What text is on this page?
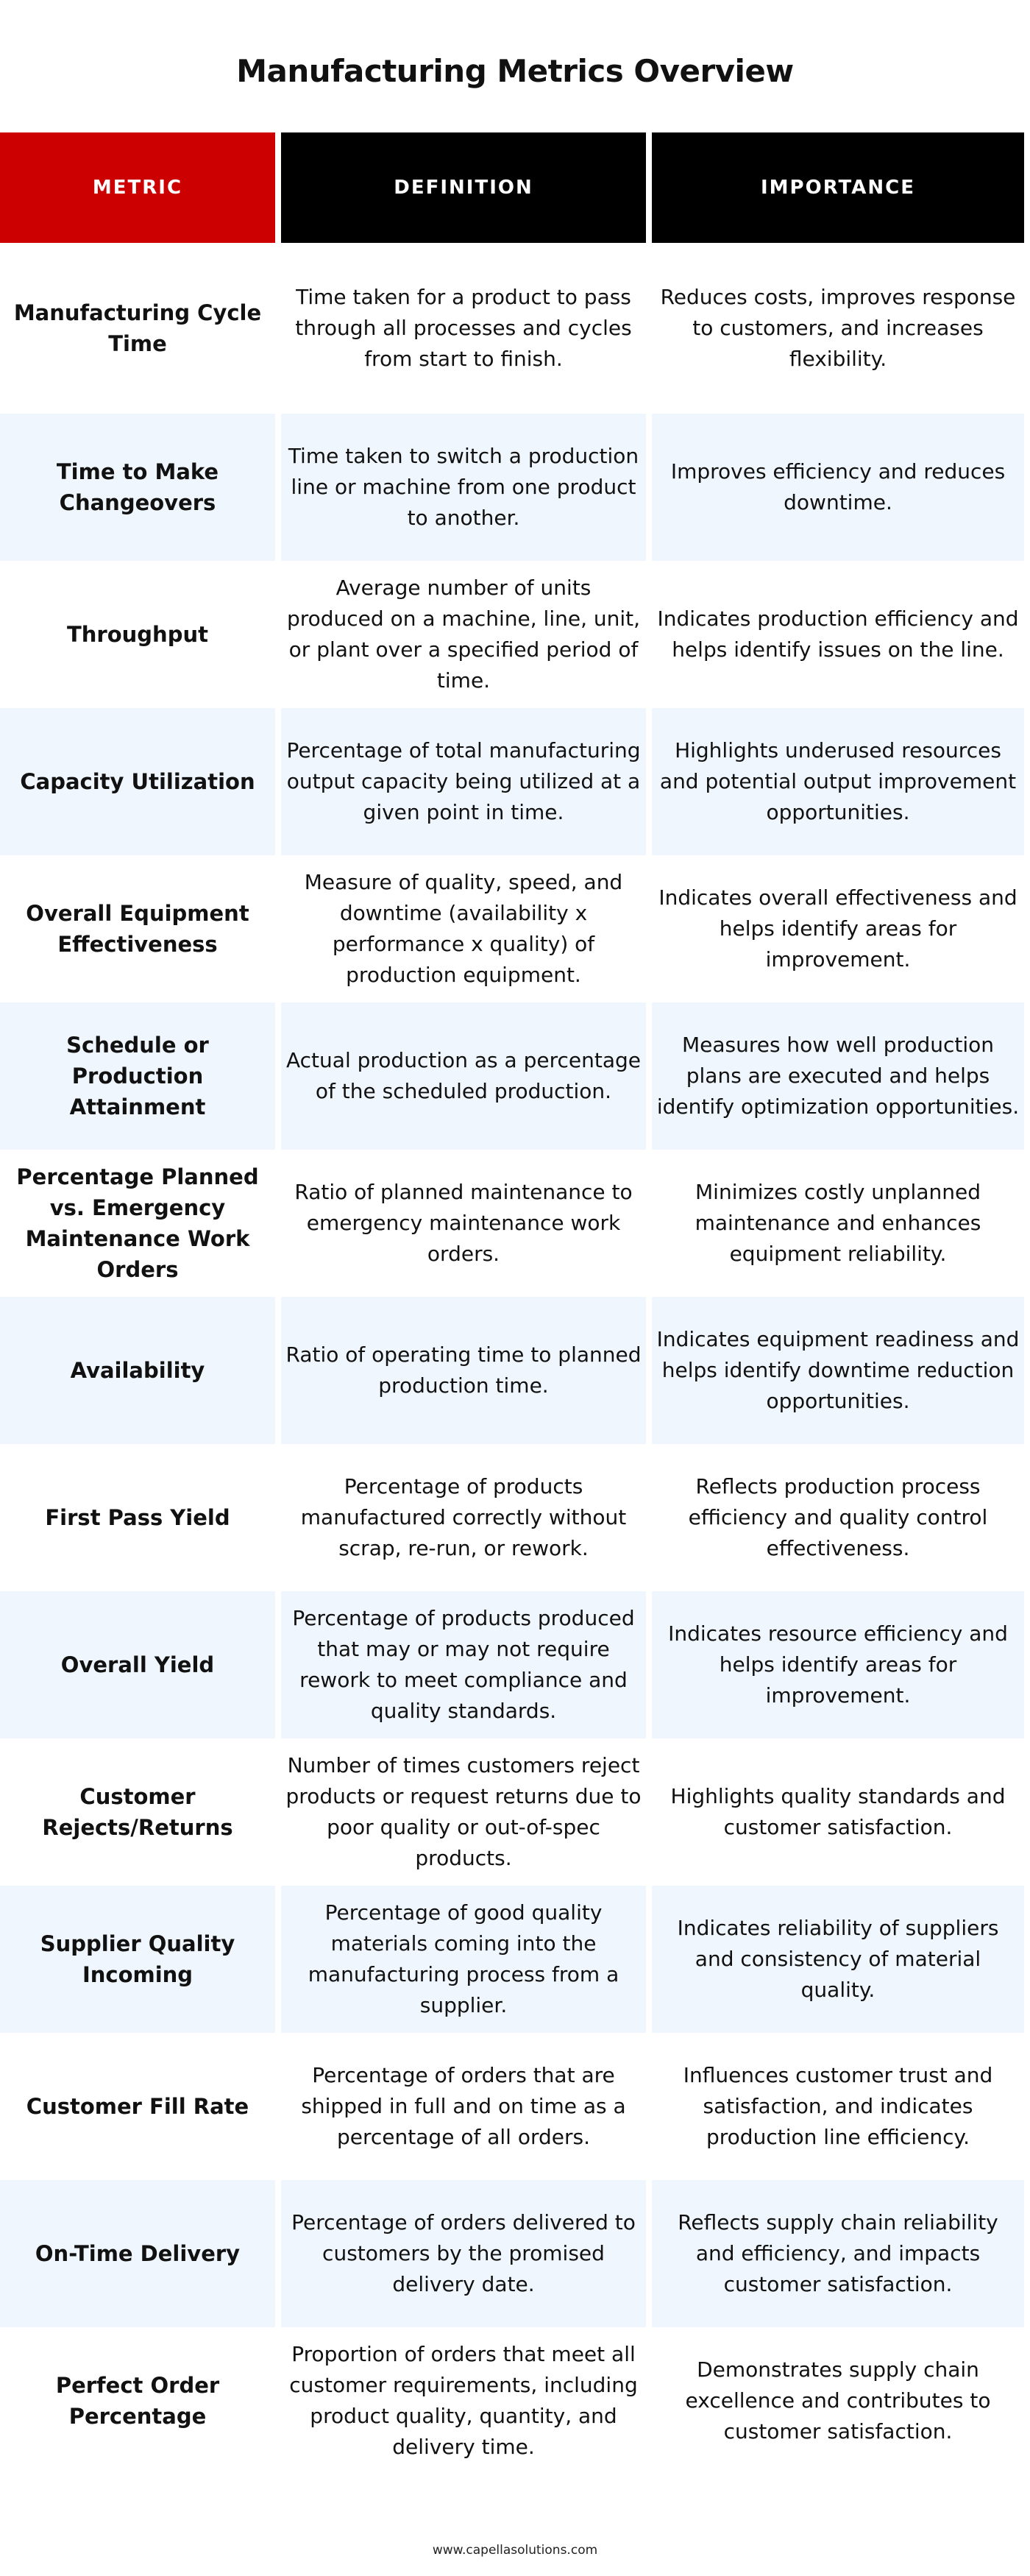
Manufacturing Metrics Overview
METRIC	DEFINITION	IMPORTANCE
Manufacturing Cycle Time
Time taken for a product to pass through all processes and cycles from start to finish.
Reduces costs, improves response to customers, and increases flexibility.
Time to Make Changeovers
Time taken to switch a production line or machine from one product to another.
Improves efficiency and reduces downtime.
Throughput
Average number of units produced on a machine, line, unit, or plant over a specified period of time.
Indicates production efficiency and helps identify issues on the line.
Capacity Utilization
Percentage of total manufacturing output capacity being utilized at a given point in time.
Highlights underused resources and potential output improvement opportunities.
Overall Equipment Effectiveness
Measure of quality, speed, and downtime (availability x performance x quality) of production equipment.
Indicates overall effectiveness and helps identify areas for improvement.
Schedule or Production Attainment
Actual production as a percentage of the scheduled production.
Measures how well production plans are executed and helps identify optimization opportunities.
Percentage Planned vs. Emergency Maintenance Work Orders
Ratio of planned maintenance to emergency maintenance work orders.
Minimizes costly unplanned maintenance and enhances equipment reliability.
Availability
Ratio of operating time to planned production time.
Indicates equipment readiness and helps identify downtime reduction opportunities.
First Pass Yield
Percentage of products manufactured correctly without scrap, re-run, or rework.
Reflects production process efficiency and quality control effectiveness.
Overall Yield
Percentage of products produced that may or may not require rework to meet compliance and quality standards.
Indicates resource efficiency and helps identify areas for improvement.
Customer Rejects/Returns
Number of times customers reject products or request returns due to poor quality or out-of-spec products.
Highlights quality standards and customer satisfaction.
Supplier Quality Incoming
Percentage of good quality materials coming into the manufacturing process from a supplier.
Indicates reliability of suppliers and consistency of material quality.
Customer Fill Rate
Percentage of orders that are shipped in full and on time as a percentage of all orders.
Influences customer trust and satisfaction, and indicates production line efficiency.
On-Time Delivery
Percentage of orders delivered to customers by the promised delivery date.
Reflects supply chain reliability and efficiency, and impacts customer satisfaction.
Perfect Order Percentage
Proportion of orders that meet all customer requirements, including product quality, quantity, and delivery time.
Demonstrates supply chain excellence and contributes to customer satisfaction.
www.capellasolutions.com
